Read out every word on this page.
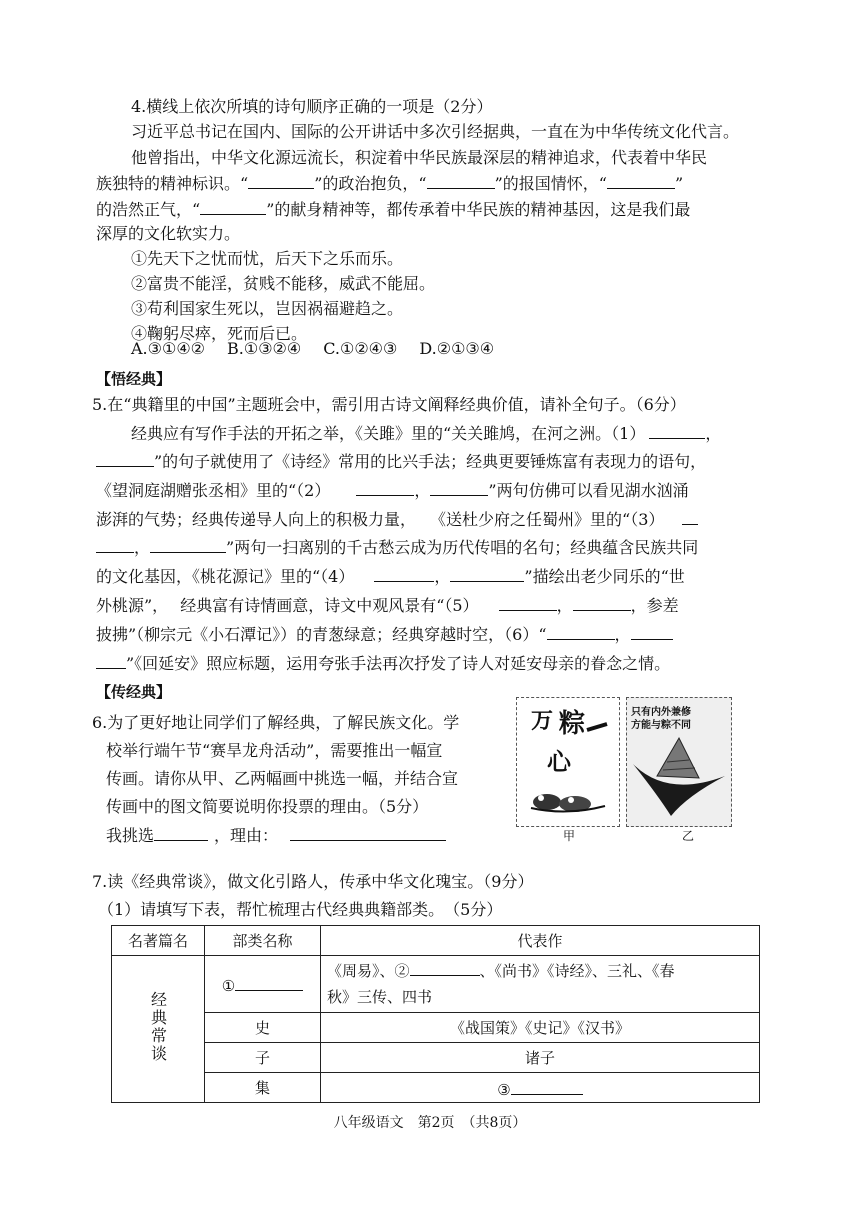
4.横线上依次所填的诗句顺序正确的一项是（2分）
习近平总书记在国内、国际的公开讲话中多次引经据典，一直在为中华传统文化代言。
他曾指出，中华文化源远流长，积淀着中华民族最深层的精神追求，代表着中华民
族独特的精神标识。“	”的政治抱负，“	”的报国情怀，“	”
的浩然正气，“	”的献身精神等，都传承着中华民族的精神基因，这是我们最
深厚的文化软实力。
①先天下之忧而忧，后天下之乐而乐。
②富贵不能淫，贫贱不能移，威武不能屈。
③苟利国家生死以，岂因祸福避趋之。
④鞠躬尽瘁，死而后已。
A.③①④② B.①③②④ C.①②④③ D.②①③④
【悟经典】
5.在“典籍里的中国”主题班会中，需引用古诗文阐释经典价值，请补全句子。（6分）
经典应有写作手法的开拓之举，《关雎》里的“关关雎鸠，在河之洲。（1）	，
”的句子就使用了《诗经》常用的比兴手法；经典更要锤炼富有表现力的语句，
《望洞庭湖赠张丞相》里的“（2）	，	”两句仿佛可以看见湖水汹涌
澎湃的气势；经典传递导人向上的积极力量， 《送杜少府之任蜀州》里的“（3）
，	”两句一扫离别的千古愁云成为历代传唱的名句；经典蕴含民族共同
的文化基因，《桃花源记》里的“（4）	，	”描绘出老少同乐的“世
外桃源”， 经典富有诗情画意，诗文中观风景有“（5）	，	，参差
披拂”（柳宗元《小石潭记》）的青葱绿意；经典穿越时空，（6）“	，
”《回延安》照应标题，运用夸张手法再次抒发了诗人对延安母亲的眷念之情。
【传经典】
6.为了更好地让同学们了解经典，了解民族文化。学
校举行端午节“赛旱龙舟活动”，需要推出一幅宣
传画。请你从甲、乙两幅画中挑选一幅，并结合宣
传画中的图文简要说明你投票的理由。（5分）
我挑选	，理由：
万 粽
心
甲
只有内外兼修
方能与粽不同
乙
7.读《经典常谈》，做文化引路人，传承中华文化瑰宝。（9分）
（1）请填写下表，帮忙梳理古代经典典籍部类。　（5分）
名著篇名	部类名称	代表作
经典常谈	①	《周易》、② 、《尚书》《诗经》、三礼、《春
秋》三传、四书

	史	《战国策》《史记》《汉书》
	子	诸子
	集	③
八年级语文　第2页　（共8页）
